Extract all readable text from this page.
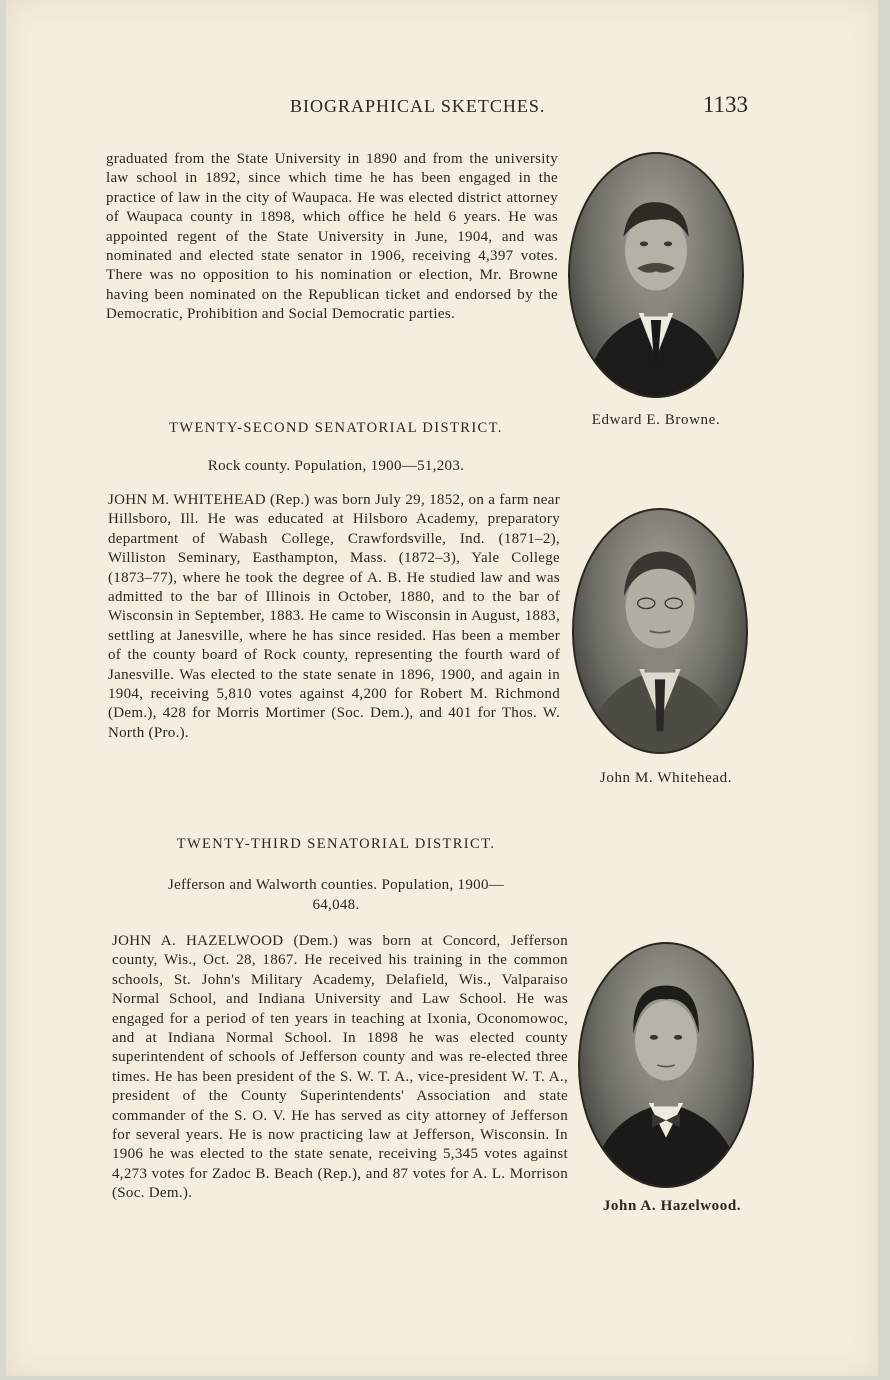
BIOGRAPHICAL SKETCHES.	1133

graduated from the State University in 1890 and from the university law school in 1892, since which time he has been engaged in the practice of law in the city of Waupaca. He was elected district attorney of Waupaca county in 1898, which office he held 6 years. He was appointed regent of the State University in June, 1904, and was nominated and elected state senator in 1906, receiving 4,397 votes. There was no opposition to his nomination or election, Mr. Browne having been nominated on the Republican ticket and endorsed by the Democratic, Prohibition and Social Democratic parties.

Edward E. Browne.

TWENTY-SECOND SENATORIAL DISTRICT.

Rock county. Population, 1900—51,203.

JOHN M. WHITEHEAD (Rep.) was born July 29, 1852, on a farm near Hillsboro, Ill. He was educated at Hilsboro Academy, preparatory department of Wabash College, Crawfordsville, Ind. (1871–2), Williston Seminary, Easthampton, Mass. (1872–3), Yale College (1873–77), where he took the degree of A. B. He studied law and was admitted to the bar of Illinois in October, 1880, and to the bar of Wisconsin in September, 1883. He came to Wisconsin in August, 1883, settling at Janesville, where he has since resided. Has been a member of the county board of Rock county, representing the fourth ward of Janesville. Was elected to the state senate in 1896, 1900, and again in 1904, receiving 5,810 votes against 4,200 for Robert M. Richmond (Dem.), 428 for Morris Mortimer (Soc. Dem.), and 401 for Thos. W. North (Pro.).

John M. Whitehead.

TWENTY-THIRD SENATORIAL DISTRICT.

Jefferson and Walworth counties. Population, 1900—
64,048.

JOHN A. HAZELWOOD (Dem.) was born at Concord, Jefferson county, Wis., Oct. 28, 1867. He received his training in the common schools, St. John's Military Academy, Delafield, Wis., Valparaiso Normal School, and Indiana University and Law School. He was engaged for a period of ten years in teaching at Ixonia, Oconomowoc, and at Indiana Normal School. In 1898 he was elected county superintendent of schools of Jefferson county and was re-elected three times. He has been president of the S. W. T. A., vice-president W. T. A., president of the County Superintendents' Association and state commander of the S. O. V. He has served as city attorney of Jefferson for several years. He is now practicing law at Jefferson, Wisconsin. In 1906 he was elected to the state senate, receiving 5,345 votes against 4,273 votes for Zadoc B. Beach (Rep.), and 87 votes for A. L. Morrison (Soc. Dem.).

John A. Hazelwood.
